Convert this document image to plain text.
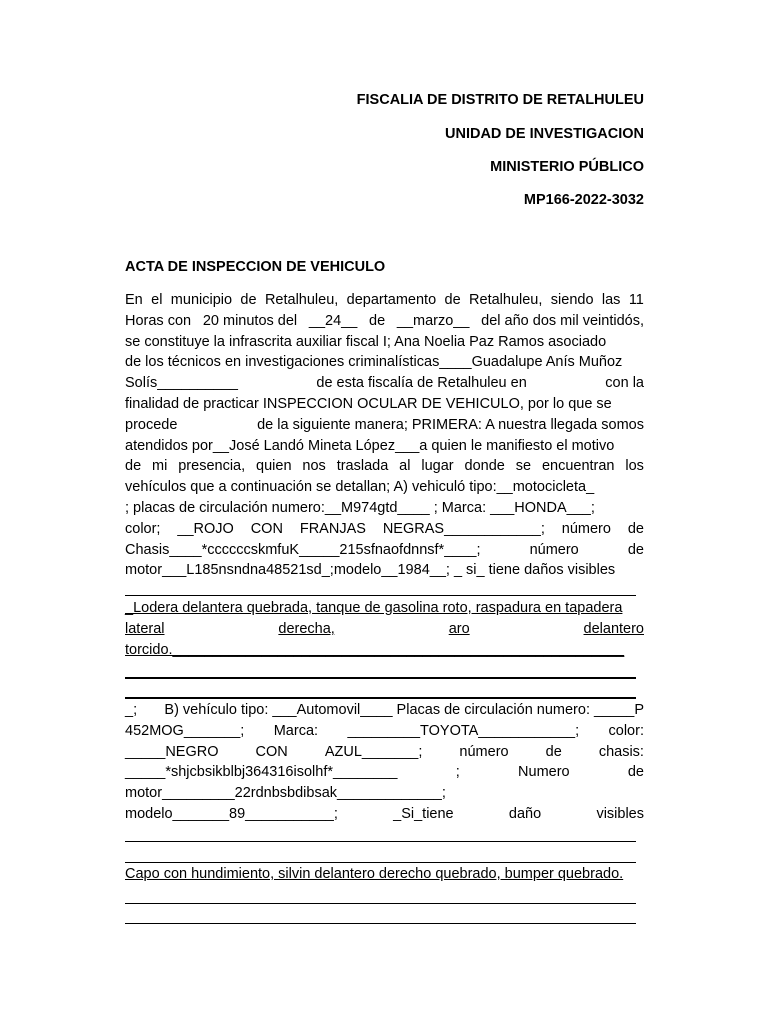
FISCALIA DE DISTRITO DE RETALHULEU
UNIDAD DE INVESTIGACION
MINISTERIO PÚBLICO
MP166-2022-3032
ACTA DE INSPECCION DE VEHICULO
En el municipio de Retalhuleu, departamento de Retalhuleu, siendo las 11
Horas con 20 minutos del __24__ de __marzo__ del año dos mil veintidós,
se constituye la infrascrita auxiliar fiscal I; Ana Noelia Paz Ramos asociado
de los técnicos en investigaciones criminalísticas____Guadalupe Anís Muñoz
Solís__________	de esta fiscalía de Retalhuleu en	con la
finalidad de practicar INSPECCION OCULAR DE VEHICULO, por lo que se
procede	de la siguiente manera; PRIMERA: A nuestra llegada somos
atendidos por__José Landó Mineta López___a quien le manifiesto el motivo
de mi presencia, quien nos traslada al lugar donde se encuentran los
vehículos que a continuación se detallan; A) vehiculó tipo:__motocicleta_
; placas de circulación numero:__M974gtd____ ; Marca: ___HONDA___;
color; __ROJO CON FRANJAS NEGRAS____________; número de
Chasis____*ccccccskmfuK_____215sfnaofdnnsf*____;	número	de
motor___L185nsndna48521sd_;modelo__1984__; _ si_ tiene daños visibles
_Lodera delantera quebrada, tanque de gasolina roto, raspadura en tapadera
lateral	derecha,	aro	delantero
torcido.________________________________________________________
_; B) vehículo tipo: ___Automovil____ Placas de circulación numero: _____P
452MOG_______; Marca: _________TOYOTA____________; color:
_____NEGRO	CON	AZUL_______;	número	de	chasis:
_____*shjcbsikblbj364316isolhf*________	;	Numero	de
motor_________22rdnbsbdibsak_____________;
modelo_______89___________;	_Si_tiene	daño	visibles
Capo con hundimiento, silvin delantero derecho quebrado, bumper quebrado.
